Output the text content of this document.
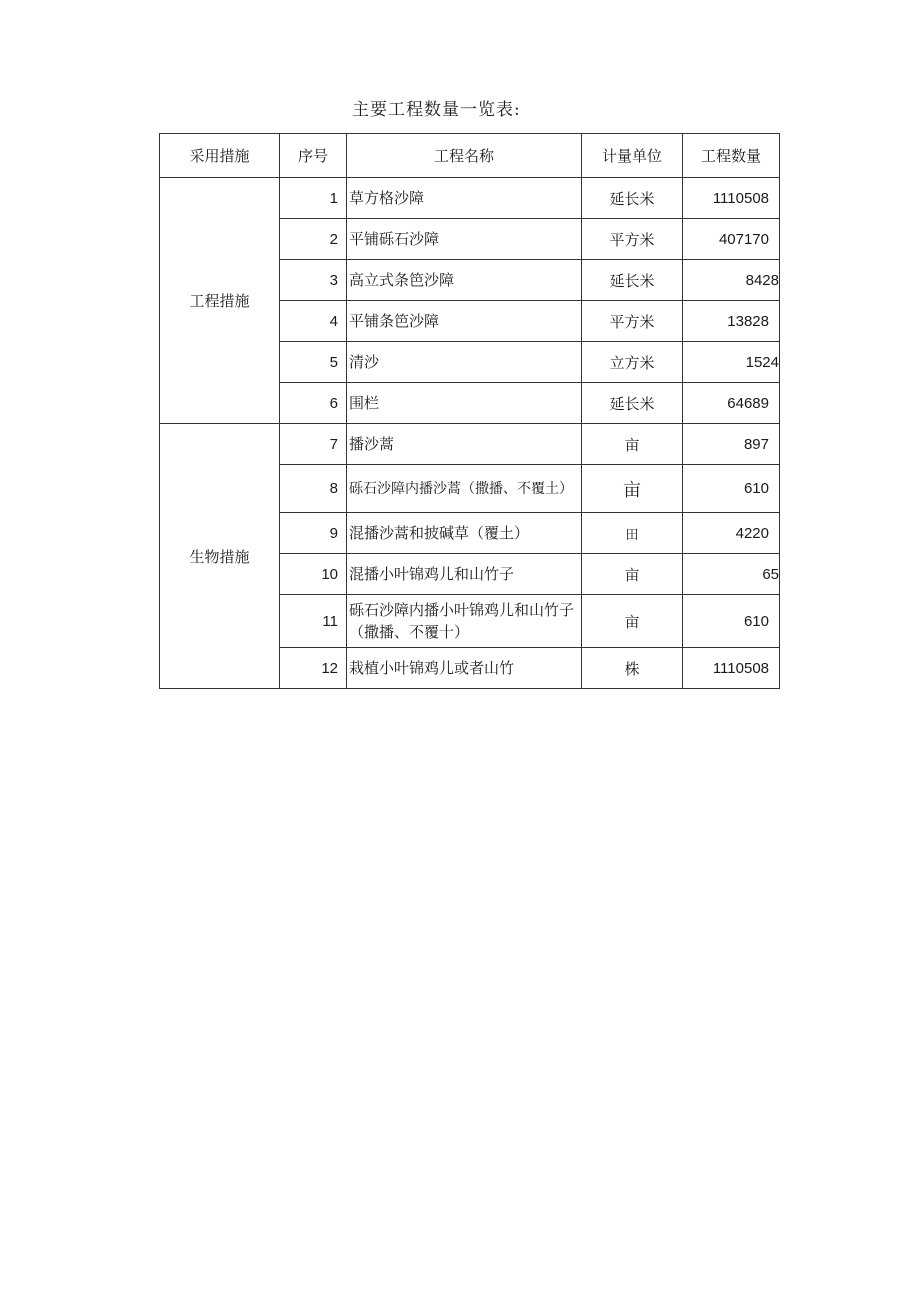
主要工程数量一览表:
采用措施	序号	工程名称	计量单位	工程数量
工程措施	1	草方格沙障	延长米	1110508
	2	平铺砾石沙障	平方米	407170
	3	高立式条笆沙障	延长米	8428
	4	平铺条笆沙障	平方米	13828
	5	清沙	立方米	1524
	6	围栏	延长米	64689
生物措施	7	播沙蒿	亩	897
	8	砾石沙障内播沙蒿（撒播、不覆土）	亩	610
	9	混播沙蒿和披碱草（覆土）	田	4220
	10	混播小叶锦鸡儿和山竹子	亩	65
	11	砾石沙障内播小叶锦鸡儿和山竹子（撒播、不覆十）	亩	610
	12	栽植小叶锦鸡儿或者山竹	株	1110508
